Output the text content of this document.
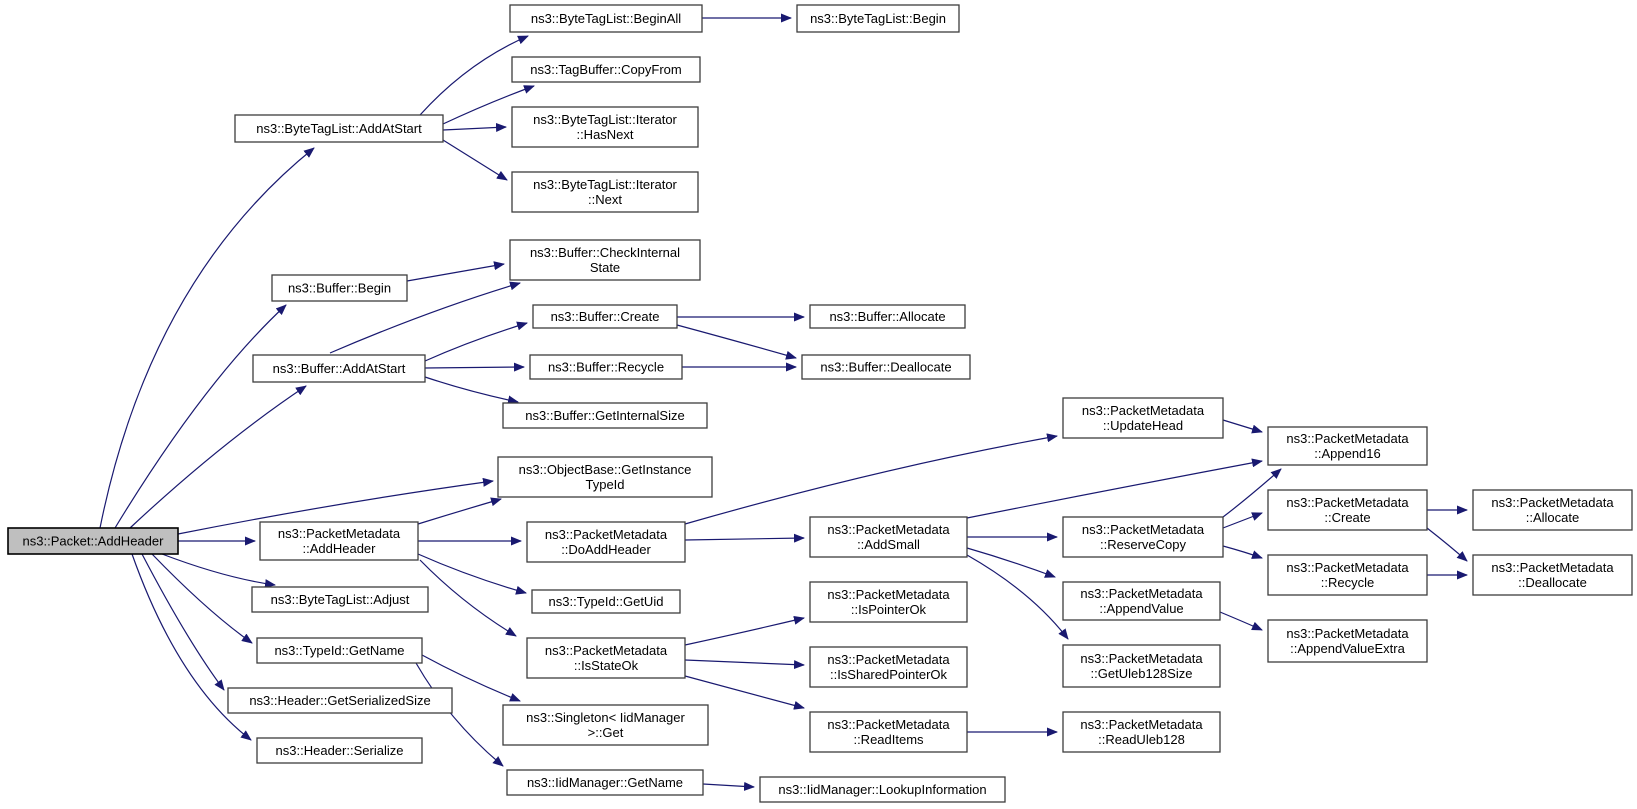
ns3::Packet::AddHeader
ns3::ByteTagList::AddAtStart
ns3::Buffer::Begin
ns3::Buffer::AddAtStart
ns3::PacketMetadata ::AddHeader
ns3::ByteTagList::Adjust
ns3::TypeId::GetName
ns3::Header::GetSerializedSize
ns3::Header::Serialize
ns3::ByteTagList::BeginAll
ns3::TagBuffer::CopyFrom
ns3::ByteTagList::Iterator ::HasNext
ns3::ByteTagList::Iterator ::Next
ns3::Buffer::CheckInternal State
ns3::Buffer::Create
ns3::Buffer::Recycle
ns3::Buffer::GetInternalSize
ns3::ObjectBase::GetInstance TypeId
ns3::PacketMetadata ::DoAddHeader
ns3::TypeId::GetUid
ns3::PacketMetadata ::IsStateOk
ns3::Singleton< IidManager >::Get
ns3::IidManager::GetName
ns3::ByteTagList::Begin
ns3::Buffer::Allocate
ns3::Buffer::Deallocate
ns3::PacketMetadata ::AddSmall
ns3::PacketMetadata ::IsPointerOk
ns3::PacketMetadata ::IsSharedPointerOk
ns3::PacketMetadata ::ReadItems
ns3::IidManager::LookupInformation
ns3::PacketMetadata ::UpdateHead
ns3::PacketMetadata ::ReserveCopy
ns3::PacketMetadata ::AppendValue
ns3::PacketMetadata ::GetUleb128Size
ns3::PacketMetadata ::ReadUleb128
ns3::PacketMetadata ::Append16
ns3::PacketMetadata ::Create
ns3::PacketMetadata ::Recycle
ns3::PacketMetadata ::AppendValueExtra
ns3::PacketMetadata ::Allocate
ns3::PacketMetadata ::Deallocate
